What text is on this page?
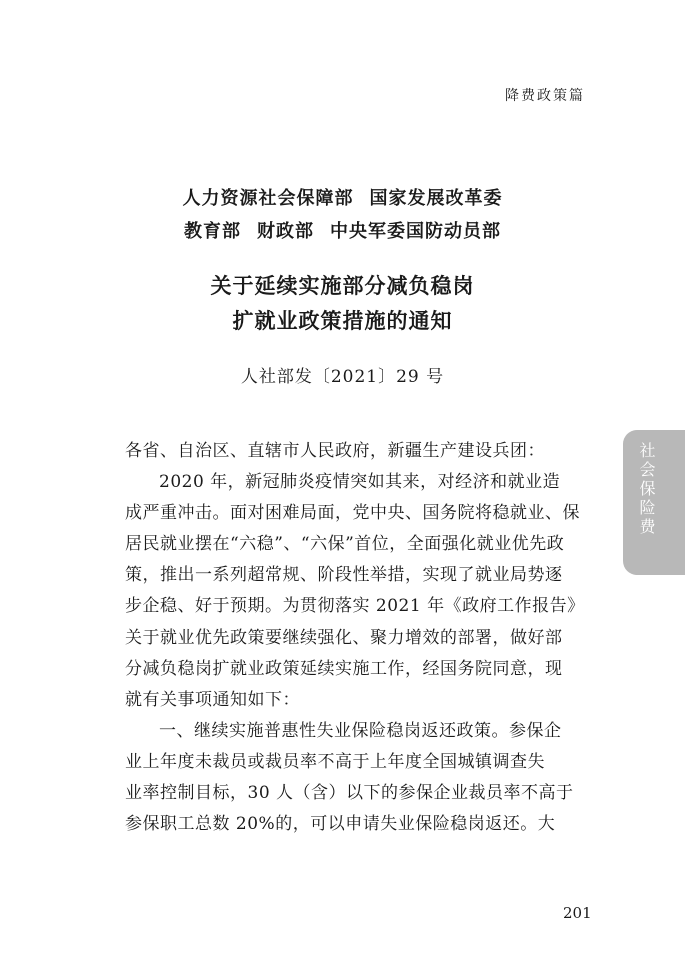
降费政策篇
人力资源社会保障部 国家发展改革委
教育部 财政部 中央军委国防动员部
关于延续实施部分减负稳岗
扩就业政策措施的通知
人社部发〔2021〕29 号
各省、自治区、直辖市人民政府，新疆生产建设兵团：
2020 年，新冠肺炎疫情突如其来，对经济和就业造
成严重冲击。面对困难局面，党中央、国务院将稳就业、保
居民就业摆在“六稳”、“六保”首位，全面强化就业优先政
策，推出一系列超常规、阶段性举措，实现了就业局势逐
步企稳、好于预期。为贯彻落实 2021 年《政府工作报告》
关于就业优先政策要继续强化、聚力增效的部署，做好部
分减负稳岗扩就业政策延续实施工作，经国务院同意，现
就有关事项通知如下：
一、继续实施普惠性失业保险稳岗返还政策。参保企
业上年度未裁员或裁员率不高于上年度全国城镇调查失
业率控制目标，30 人（含）以下的参保企业裁员率不高于
参保职工总数 20%的，可以申请失业保险稳岗返还。大
社会保险费
201
